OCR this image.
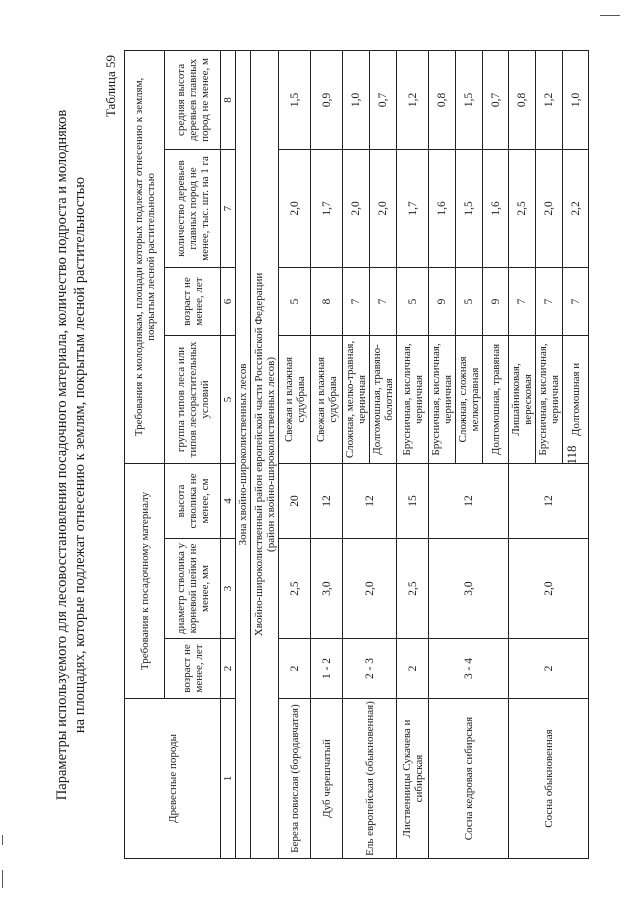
Параметры используемого для лесовосстановления посадочного материала, количество подроста и молодняков на площадях, которые подлежат отнесению к землям, покрытым лесной растительностью
Таблица 59
Древесные породы	Требования к посадочному материалу			Требования к молоднякам, площади которых подлежат отнесению к землям, покрытым лесной растительностью			
	возраст не менее, лет	диаметр стволика у корневой шейки не менее, мм	высота стволика не менее, см	группа типов леса или типов лесорастительных условий	возраст не менее, лет	количество деревьев главных пород не менее, тыс. шт. на 1 га	средняя высота деревьев главных пород не менее, м
1	2	3	4	5	6	7	8
Зона хвойно-широколиственных лесов							
Хвойно-широколиственный район европейской части Российской Федерации
(район хвойно-широколиственных лесов)							
Береза повислая (бородавчатая)	2	2,5	20	Свежая и влажная судубрава	5	2,0	1,5
Дуб черешчатый	1 - 2	3,0	12	Свежая и влажная судубрава	8	1,7	0,9
Ель европейская (обыкновенная)	2 - 3	2,0	12	Сложная, мелко-травная, черничная	7	2,0	1,0
				Долгомошная, травяно-болотная	7	2,0	0,7
Лиственницы Сукачева и сибирская	2	2,5	15	Брусничная, кисличная, черничная	5	1,7	1,2
Сосна кедровая сибирская	3 - 4	3,0	12	Брусничная, кисличная, черничная	9	1,6	0,8
				Сложная, сложная мелкотравная	5	1,5	1,5
				Долгомошная, травяная	9	1,6	0,7
Сосна обыкновенная	2	2,0	12	Лишайниковая, вересковая	7	2,5	0,8
				Брусничная, кисличная, черничная	7	2,0	1,2
				Долгомошная и	7	2,2	1,0
118
